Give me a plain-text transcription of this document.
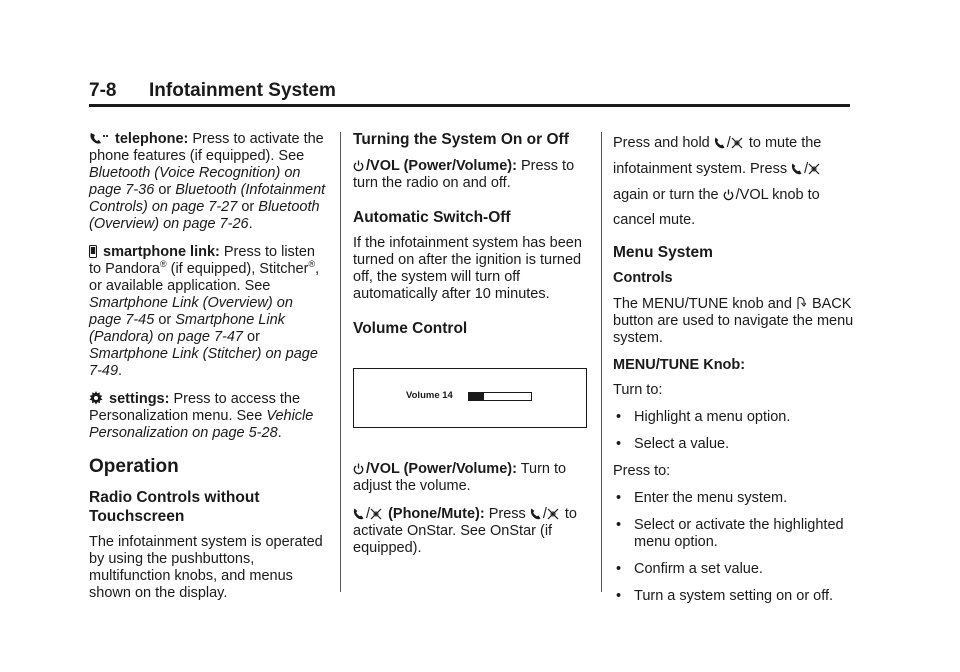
7-8 Infotainment System

telephone: Press to activate the phone features (if equipped). See Bluetooth (Voice Recognition) on page 7-36 or Bluetooth (Infotainment Controls) on page 7-27 or Bluetooth (Overview) on page 7-26.

smartphone link: Press to listen to Pandora® (if equipped), Stitcher®, or available application. See Smartphone Link (Overview) on page 7-45 or Smartphone Link (Pandora) on page 7-47 or Smartphone Link (Stitcher) on page 7-49.

settings: Press to access the Personalization menu. See Vehicle Personalization on page 5-28.

Operation
Radio Controls without Touchscreen

The infotainment system is operated by using the pushbuttons, multifunction knobs, and menus shown on the display.

Turning the System On or Off

/VOL (Power/Volume): Press to turn the radio on and off.

Automatic Switch-Off

If the infotainment system has been turned on after the ignition is turned off, the system will turn off automatically after 10 minutes.

Volume Control
Volume 14

/VOL (Power/Volume): Turn to adjust the volume.

/ (Phone/Mute): Press / to activate OnStar. See OnStar (if equipped).

Press and hold / to mute the infotainment system. Press / again or turn the /VOL knob to cancel mute.

Menu System
Controls

The MENU/TUNE knob and  BACK button are used to navigate the menu system.

MENU/TUNE Knob:

Turn to:

• Highlight a menu option.
• Select a value.

Press to:

• Enter the menu system.
• Select or activate the highlighted menu option.
• Confirm a set value.
• Turn a system setting on or off.
